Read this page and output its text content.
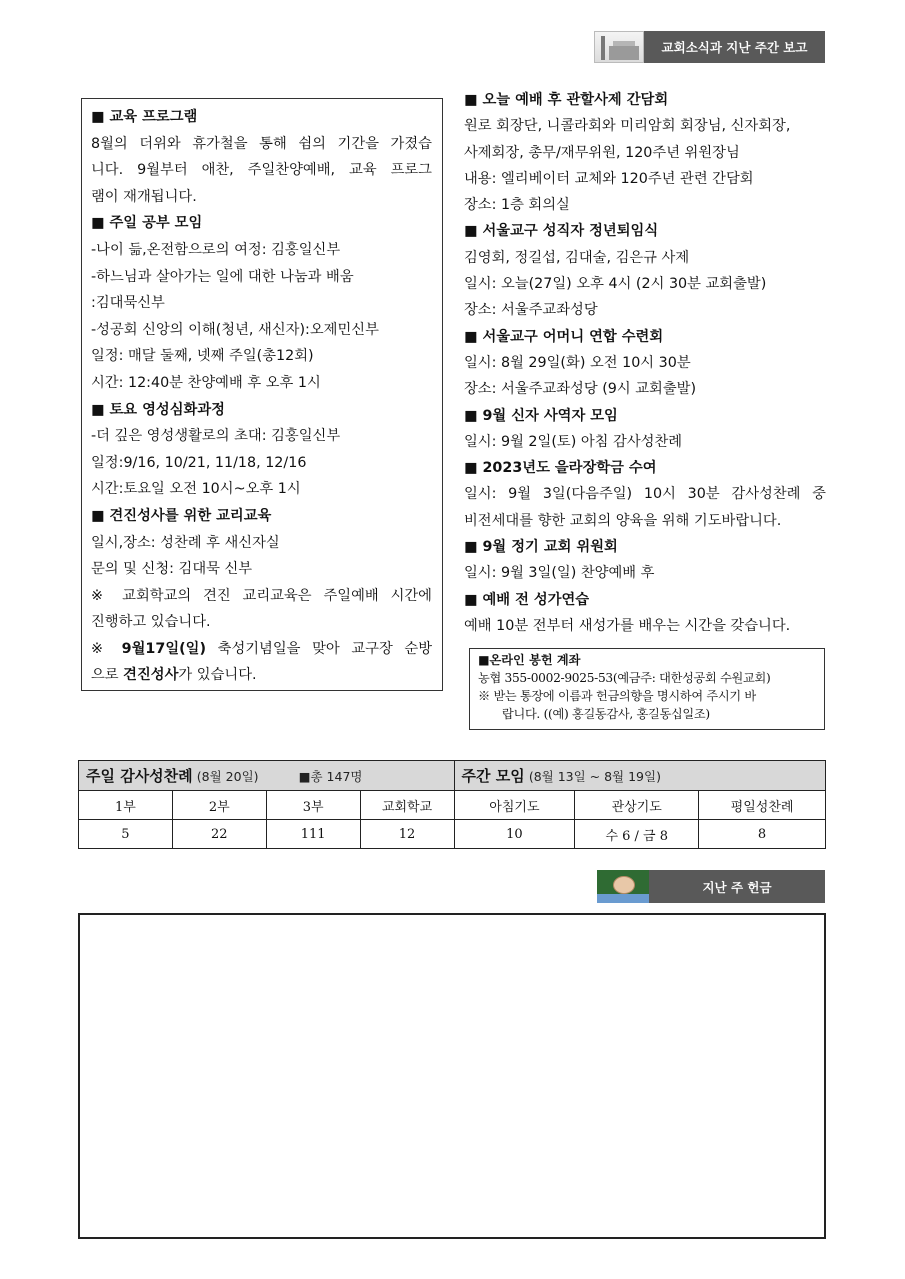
교회소식과 지난 주간 보고
■ 교육 프로그램
8월의 더위와 휴가철을 통해 쉼의 기간을 가졌습
니다. 9월부터 애찬, 주일찬양예배, 교육 프로그
램이 재개됩니다.
■ 주일 공부 모임
-나이 듦,온전함으로의 여정: 김홍일신부
-하느님과 살아가는 일에 대한 나눔과 배움
:김대묵신부
-성공회 신앙의 이해(청년, 새신자):오제민신부
일정: 매달 둘째, 넷째 주일(총12회)
시간: 12:40분 찬양예배 후 오후 1시
■ 토요 영성심화과정
-더 깊은 영성생활로의 초대: 김홍일신부
일정:9/16, 10/21, 11/18, 12/16
시간:토요일 오전 10시~오후 1시
■ 견진성사를 위한 교리교육
일시,장소: 성찬례 후 새신자실
문의 및 신청: 김대묵 신부
※ 교회학교의 견진 교리교육은 주일예배 시간에
진행하고 있습니다.
※ 9월17일(일) 축성기념일을 맞아 교구장 순방
으로 견진성사가 있습니다.
■ 오늘 예배 후 관할사제 간담회
원로 회장단, 니콜라회와 미리암회 회장님, 신자회장,
사제회장, 총무/재무위원, 120주년 위원장님
내용: 엘리베이터 교체와 120주년 관련 간담회
장소: 1층 회의실
■ 서울교구 성직자 정년퇴임식
김영회, 정길섭, 김대술, 김은규 사제
일시: 오늘(27일) 오후 4시 (2시 30분 교회출발)
장소: 서울주교좌성당
■ 서울교구 어머니 연합 수련회
일시: 8월 29일(화) 오전 10시 30분
장소: 서울주교좌성당 (9시 교회출발)
■ 9월 신자 사역자 모임
일시: 9월 2일(토) 아침 감사성찬례
■ 2023년도 을라장학금 수여
일시: 9월 3일(다음주일) 10시 30분 감사성찬례 중
비전세대를 향한 교회의 양육을 위해 기도바랍니다.
■ 9월 정기 교회 위원회
일시: 9월 3일(일) 찬양예배 후
■ 예배 전 성가연습
예배 10분 전부터 새성가를 배우는 시간을 갖습니다.
■온라인 봉헌 계좌
농협 355-0002-9025-53(예금주: 대한성공회 수원교회)
※ 받는 통장에 이름과 헌금의향을 명시하여 주시기 바
랍니다. ((예) 홍길동감사, 홍길동십일조)
주일 감사성찬례 (8월 20일) ■총 147명				주간 모임 (8월 13일 ~ 8월 19일)		
1부	2부	3부	교회학교	아침기도	관상기도	평일성찬례
5	22	111	12	10	수 6 / 금 8	8
지난 주 헌금
